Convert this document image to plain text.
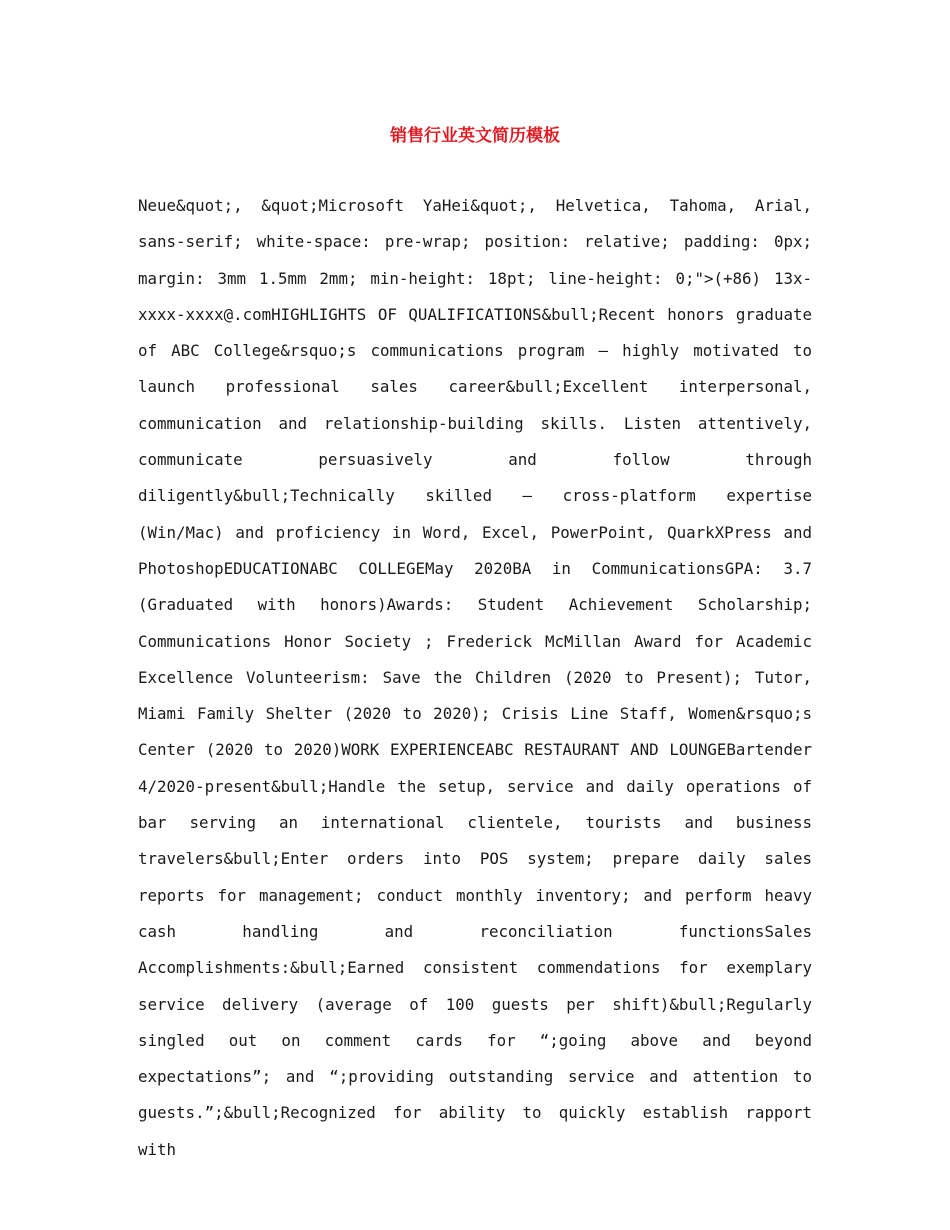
销售行业英文简历模板

Neue&quot;, &quot;Microsoft YaHei&quot;, Helvetica, Tahoma, Arial, sans-serif; white-space: pre-wrap; position: relative; padding: 0px; margin: 3mm 1.5mm 2mm; min-height: 18pt; line-height: 0;">(+86) 13x-xxxx-xxxx@.comHIGHLIGHTS OF QUALIFICATIONS&bull;Recent honors graduate of ABC College&rsquo;s communications program – highly motivated to launch professional sales career&bull;Excellent interpersonal, communication and relationship-building skills. Listen attentively, communicate persuasively and follow through diligently&bull;Technically skilled – cross-platform expertise (Win/Mac) and proficiency in Word, Excel, PowerPoint, QuarkXPress and PhotoshopEDUCATIONABC COLLEGEMay 2020BA in CommunicationsGPA: 3.7 (Graduated with honors)Awards: Student Achievement Scholarship; Communications Honor Society ; Frederick McMillan Award for Academic Excellence Volunteerism: Save the Children (2020 to Present); Tutor, Miami Family Shelter (2020 to 2020); Crisis Line Staff, Women&rsquo;s Center (2020 to 2020)WORK EXPERIENCEABC RESTAURANT AND LOUNGEBartender 4/2020-present&bull;Handle the setup, service and daily operations of bar serving an international clientele, tourists and business travelers&bull;Enter orders into POS system; prepare daily sales reports for management; conduct monthly inventory; and perform heavy cash handling and reconciliation functionsSales Accomplishments:&bull;Earned consistent commendations for exemplary service delivery (average of 100 guests per shift)&bull;Regularly singled out on comment cards for “;going above and beyond expectations”; and “;providing outstanding service and attention to guests.”;&bull;Recognized for ability to quickly establish rapport with
